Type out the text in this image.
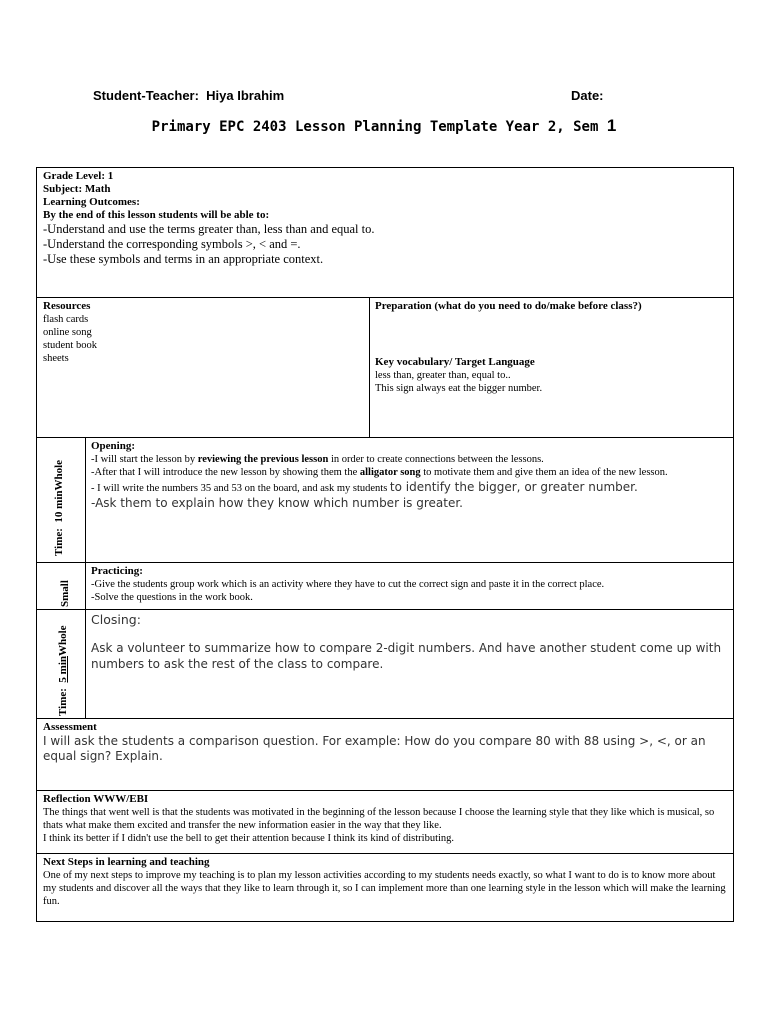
Student-Teacher: Hiya Ibrahim	Date:
Primary EPC 2403 Lesson Planning Template Year 2, Sem 1
Grade Level: 1
Subject: Math
Learning Outcomes:
By the end of this lesson students will be able to:
-Understand and use the terms greater than, less than and equal to.
-Understand the corresponding symbols >, < and =.
-Use these symbols and terms in an appropriate context.
Resources
flash cards
online song
student book
sheets
Preparation (what do you need to do/make before class?)
Key vocabulary/ Target Language
less than, greater than, equal to..
This sign always eat the bigger number.
Time:  10 minWhole
Opening:
-I will start the lesson by reviewing the previous lesson in order to create connections between the lessons.
-After that I will introduce the new lesson by showing them the alligator song to motivate them and give them an idea of the new lesson.
- I will write the numbers 35 and 53 on the board, and ask my students to identify the bigger, or greater number.
-Ask them to explain how they know which number is greater.
Small
Practicing:
-Give the students group work which is an activity where they have to cut the correct sign and paste it in the correct place.
-Solve the questions in the work book.
Time:  5 minWhole
Closing:
Ask a volunteer to summarize how to compare 2-digit numbers. And have another student come up with numbers to ask the rest of the class to compare.
Assessment
I will ask the students a comparison question. For example: How do you compare 80 with 88 using >, <, or an equal sign? Explain.
Reflection WWW/EBI
The things that went well is that the students was motivated in the beginning of the lesson because I choose the learning style that they like which is musical, so thats what make them excited and transfer the new information easier in the way that they like.
I think its better if I didn't use the bell to get their attention because I think its kind of distributing.
Next Steps in learning and teaching
One of my next steps to improve my teaching is to plan my lesson activities according to my students needs exactly, so what I want to do is to know more about my students and discover all the ways that they like to learn through it, so I can implement more than one learning style in the lesson which will make the learning fun.
